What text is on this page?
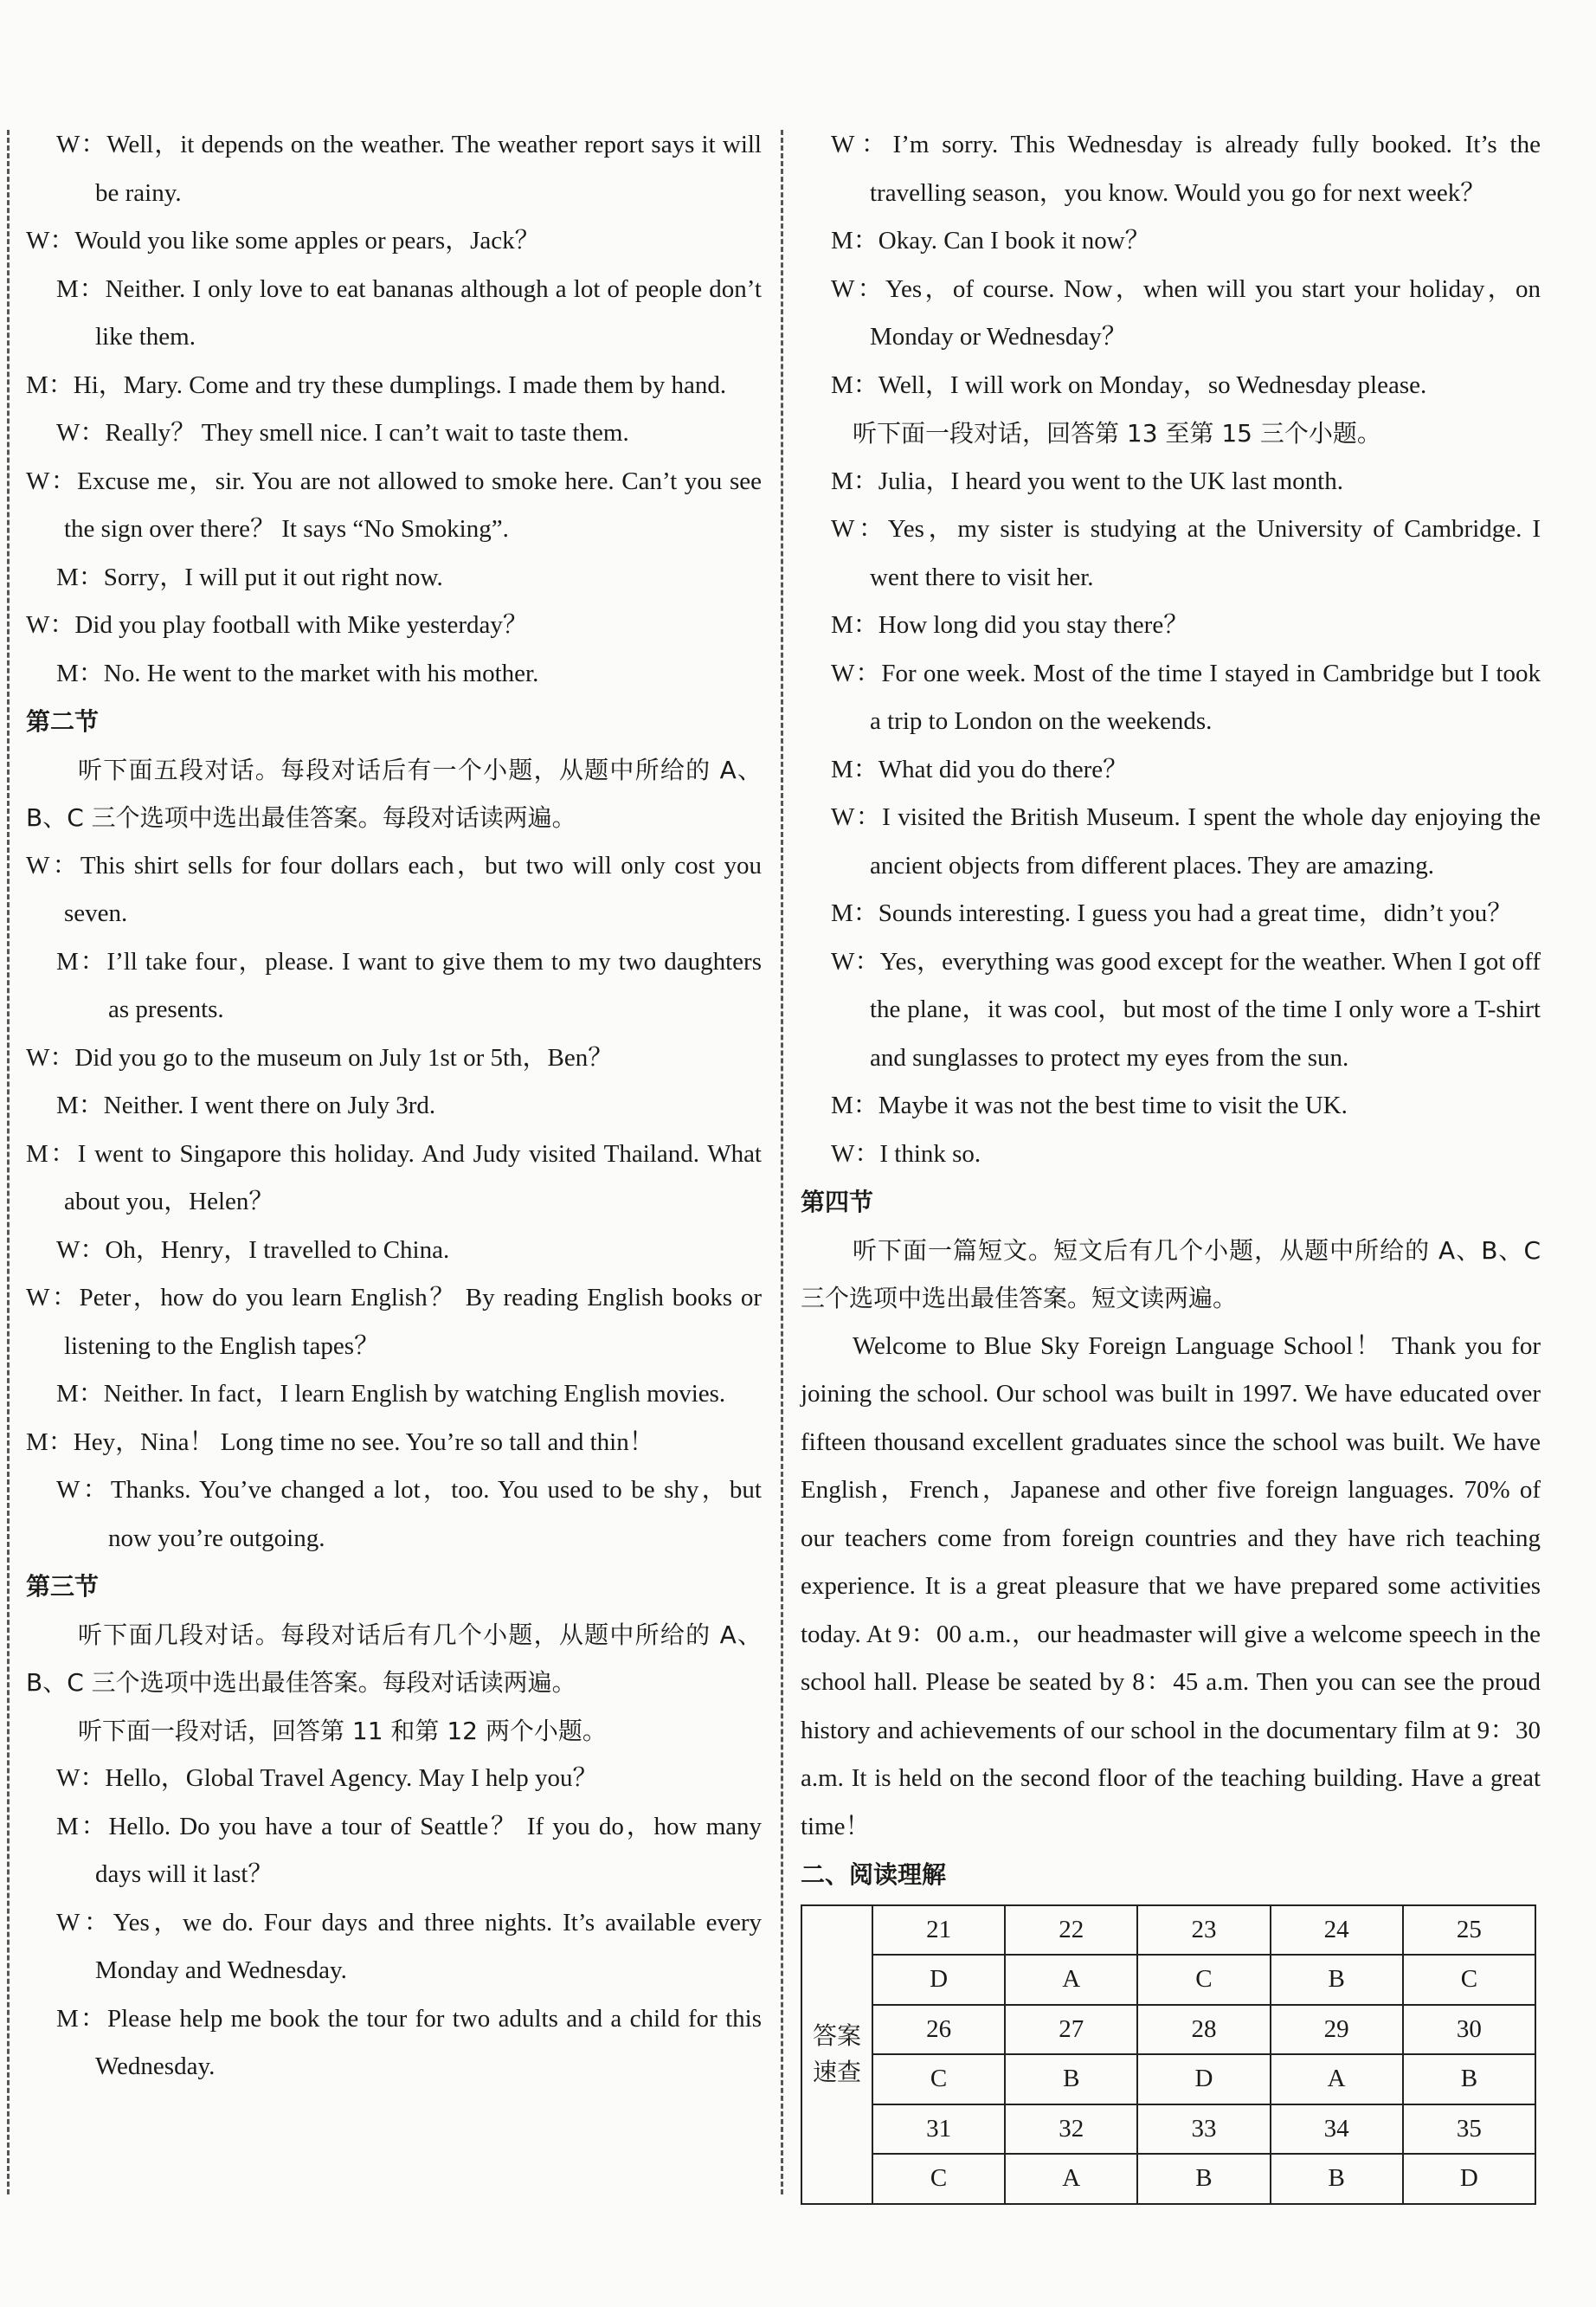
W：Well，it depends on the weather. The weather report says it will be rainy.
W：Would you like some apples or pears，Jack？
M：Neither. I only love to eat bananas although a lot of people don’t like them.
M：Hi，Mary. Come and try these dumplings. I made them by hand.
W：Really？ They smell nice. I can’t wait to taste them.
W：Excuse me，sir. You are not allowed to smoke here. Can’t you see the sign over there？ It says “No Smoking”.
M：Sorry，I will put it out right now.
W：Did you play football with Mike yesterday？
M：No. He went to the market with his mother.
第二节
听下面五段对话。每段对话后有一个小题，从题中所给的 A、B、C 三个选项中选出最佳答案。每段对话读两遍。
W：This shirt sells for four dollars each，but two will only cost you seven.
M：I’ll take four，please. I want to give them to my two daughters as presents.
W：Did you go to the museum on July 1st or 5th，Ben？
M：Neither. I went there on July 3rd.
M：I went to Singapore this holiday. And Judy visited Thailand. What about you，Helen？
W：Oh，Henry，I travelled to China.
W：Peter，how do you learn English？ By reading English books or listening to the English tapes？
M：Neither. In fact，I learn English by watching English movies.
M：Hey，Nina！ Long time no see. You’re so tall and thin！
W：Thanks. You’ve changed a lot，too. You used to be shy，but now you’re outgoing.
第三节
听下面几段对话。每段对话后有几个小题，从题中所给的 A、B、C 三个选项中选出最佳答案。每段对话读两遍。
听下面一段对话，回答第 11 和第 12 两个小题。
W：Hello，Global Travel Agency. May I help you？
M：Hello. Do you have a tour of Seattle？ If you do，how many days will it last？
W：Yes，we do. Four days and three nights. It’s available every Monday and Wednesday.
M：Please help me book the tour for two adults and a child for this Wednesday.
W：I’m sorry. This Wednesday is already fully booked. It’s the travelling season，you know. Would you go for next week？
M：Okay. Can I book it now？
W：Yes，of course. Now，when will you start your holiday，on Monday or Wednesday？
M：Well，I will work on Monday，so Wednesday please.
听下面一段对话，回答第 13 至第 15 三个小题。
M：Julia，I heard you went to the UK last month.
W：Yes，my sister is studying at the University of Cambridge. I went there to visit her.
M：How long did you stay there？
W：For one week. Most of the time I stayed in Cambridge but I took a trip to London on the weekends.
M：What did you do there？
W：I visited the British Museum. I spent the whole day enjoying the ancient objects from different places. They are amazing.
M：Sounds interesting. I guess you had a great time，didn’t you？
W：Yes，everything was good except for the weather. When I got off the plane，it was cool，but most of the time I only wore a T-shirt and sunglasses to protect my eyes from the sun.
M：Maybe it was not the best time to visit the UK.
W：I think so.
第四节
听下面一篇短文。短文后有几个小题，从题中所给的 A、B、C 三个选项中选出最佳答案。短文读两遍。
Welcome to Blue Sky Foreign Language School！ Thank you for joining the school. Our school was built in 1997. We have educated over fifteen thousand excellent graduates since the school was built. We have English，French，Japanese and other five foreign languages. 70% of our teachers come from foreign countries and they have rich teaching experience. It is a great pleasure that we have prepared some activities today. At 9：00 a.m.，our headmaster will give a welcome speech in the school hall. Please be seated by 8：45 a.m. Then you can see the proud history and achievements of our school in the documentary film at 9：30 a.m. It is held on the second floor of the teaching building. Have a great time！
二、阅读理解
答案速查	21	22	23	24	25
	D	A	C	B	C
	26	27	28	29	30
	C	B	D	A	B
	31	32	33	34	35
	C	A	B	B	D
